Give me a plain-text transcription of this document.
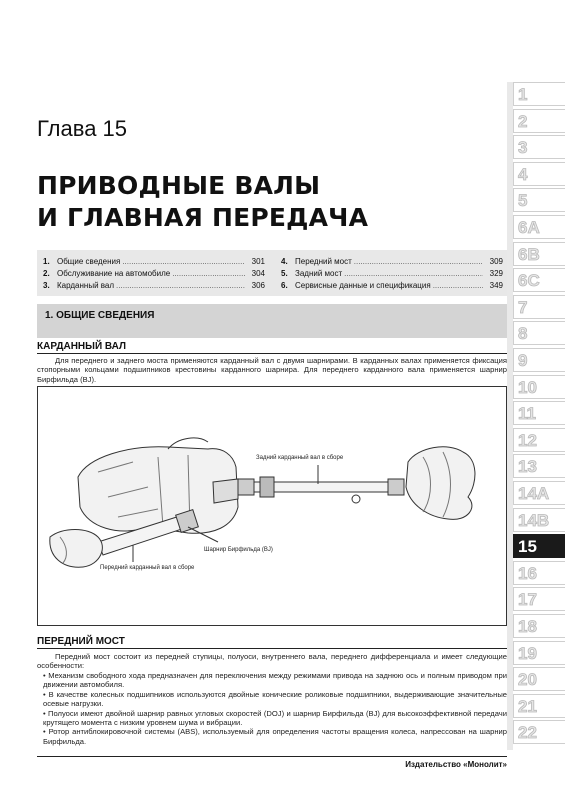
Глава 15
ПРИВОДНЫЕ ВАЛЫ
И ГЛАВНАЯ ПЕРЕДАЧА
1. Общие сведения .....	301
2. Обслуживание на автомобиле .....	304
3. Карданный вал .....	306
4. Передний мост .....	309
5. Задний мост .....	329
6. Сервисные данные и спецификация .....	349
1. ОБЩИЕ СВЕДЕНИЯ
КАРДАННЫЙ ВАЛ
Для переднего и заднего моста применяются карданный вал с двумя шарнирами. В карданных валах применяется фиксация стопорными кольцами подшипников крестовины карданного шарнира. Для переднего карданного вала применяется шарнир Бирфильда (BJ).
Задний карданный вал в сборе
Шарнир Бирфильда (BJ)
Передний карданный вал в сборе
ПЕРЕДНИЙ МОСТ
Передний мост состоит из передней ступицы, полуоси, внутреннего вала, переднего дифференциала и имеет следующие особенности:
• Механизм свободного хода предназначен для переключения между режимами привода на заднюю ось и полным приводом при движении автомобиля.
• В качестве колесных подшипников используются двойные конические роликовые подшипники, выдерживающие значительные осевые нагрузки.
• Полуоси имеют двойной шарнир равных угловых скоростей (DOJ) и шарнир Бирфильда (BJ) для высокоэффективной передачи крутящего момента с низким уровнем шума и вибрации.
• Ротор антиблокировочной системы (ABS), используемый для определения частоты вращения колеса, напрессован на шарнир Бирфильда.
1
2
3
4
5
6A
6B
6C
7
8
9
10
11
12
13
14A
14B
15
16
17
18
19
20
21
22
Издательство «Монолит»
